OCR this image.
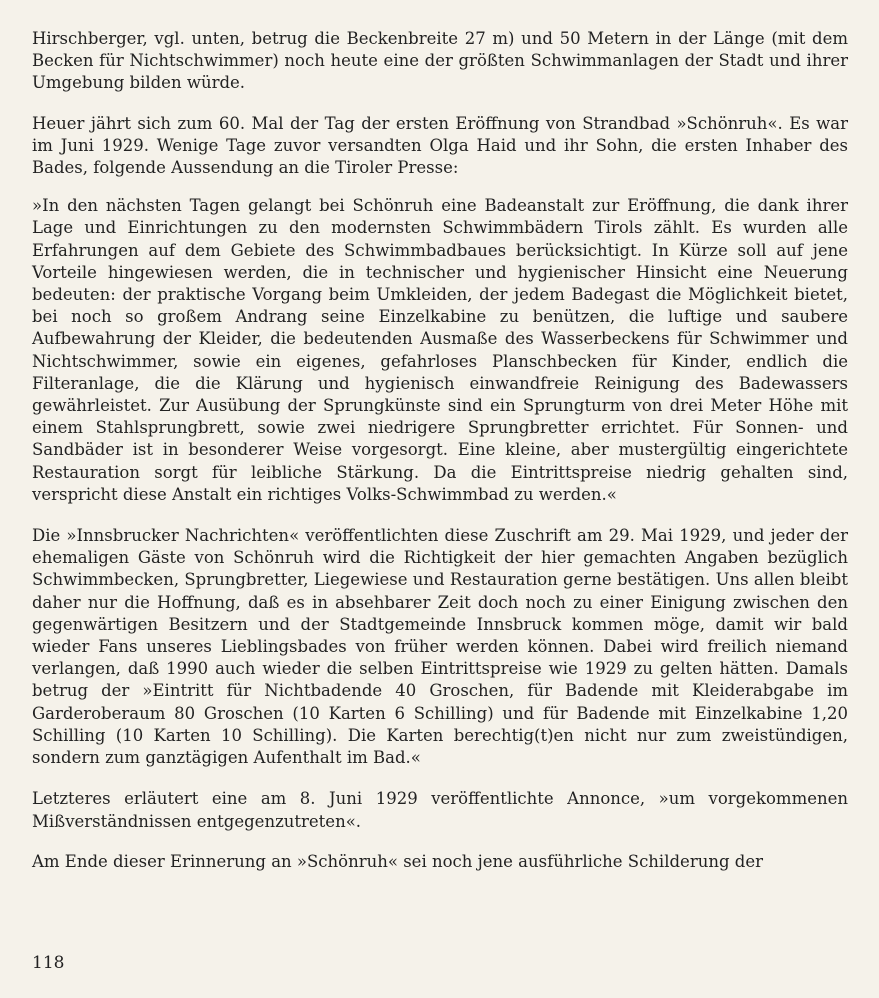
Hirschberger, vgl. unten, betrug die Beckenbreite 27 m) und 50 Metern in der Länge (mit dem Becken für Nichtschwimmer) noch heute eine der größten Schwimmanlagen der Stadt und ihrer Umgebung bilden würde.

Heuer jährt sich zum 60. Mal der Tag der ersten Eröffnung von Strandbad »Schönruh«. Es war im Juni 1929. Wenige Tage zuvor versandten Olga Haid und ihr Sohn, die ersten Inhaber des Bades, folgende Aussendung an die Tiroler Presse:

»In den nächsten Tagen gelangt bei Schönruh eine Badeanstalt zur Eröffnung, die dank ihrer Lage und Einrichtungen zu den modernsten Schwimmbädern Tirols zählt. Es wurden alle Erfahrungen auf dem Gebiete des Schwimmbadbaues berücksichtigt. In Kürze soll auf jene Vorteile hingewiesen werden, die in technischer und hygienischer Hinsicht eine Neuerung bedeuten: der praktische Vorgang beim Umkleiden, der jedem Badegast die Möglichkeit bietet, bei noch so großem Andrang seine Einzelkabine zu benützen, die luftige und saubere Aufbewahrung der Kleider, die bedeutenden Ausmaße des Wasserbeckens für Schwimmer und Nichtschwimmer, sowie ein eigenes, gefahrloses Planschbecken für Kinder, endlich die Filteranlage, die die Klärung und hygienisch einwandfreie Reinigung des Badewassers gewährleistet. Zur Ausübung der Sprungkünste sind ein Sprungturm von drei Meter Höhe mit einem Stahlsprungbrett, sowie zwei niedrigere Sprungbretter errichtet. Für Sonnen- und Sandbäder ist in besonderer Weise vorgesorgt. Eine kleine, aber mustergültig eingerichtete Restauration sorgt für leibliche Stärkung. Da die Eintrittspreise niedrig gehalten sind, verspricht diese Anstalt ein richtiges Volks-Schwimmbad zu werden.«

Die »Innsbrucker Nachrichten« veröffentlichten diese Zuschrift am 29. Mai 1929, und jeder der ehemaligen Gäste von Schönruh wird die Richtigkeit der hier gemachten Angaben bezüglich Schwimmbecken, Sprungbretter, Liegewiese und Restauration gerne bestätigen. Uns allen bleibt daher nur die Hoffnung, daß es in absehbarer Zeit doch noch zu einer Einigung zwischen den gegenwärtigen Besitzern und der Stadtgemeinde Innsbruck kommen möge, damit wir bald wieder Fans unseres Lieblingsbades von früher werden können. Dabei wird freilich niemand verlangen, daß 1990 auch wieder die selben Eintrittspreise wie 1929 zu gelten hätten. Damals betrug der »Eintritt für Nichtbadende 40 Groschen, für Badende mit Kleiderabgabe im Garderoberaum 80 Groschen (10 Karten 6 Schilling) und für Badende mit Einzelkabine 1,20 Schilling (10 Karten 10 Schilling). Die Karten berechtig(t)en nicht nur zum zweistündigen, sondern zum ganztägigen Aufenthalt im Bad.«

Letzteres erläutert eine am 8. Juni 1929 veröffentlichte Annonce, »um vorgekommenen Mißverständnissen entgegenzutreten«.

Am Ende dieser Erinnerung an »Schönruh« sei noch jene ausführliche Schilderung der

118
